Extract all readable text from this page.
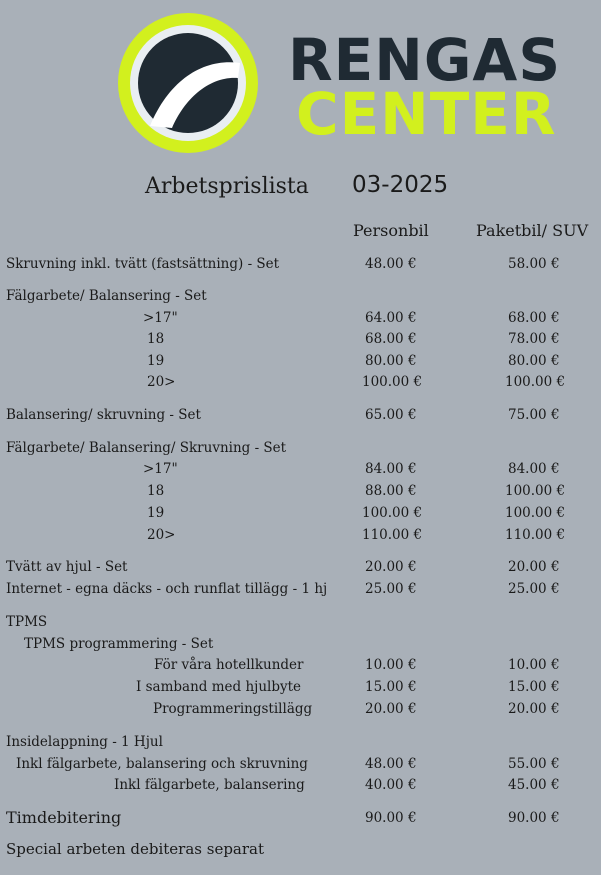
RENGAS
CENTER
Arbetsprislista 03-2025
Personbil	Paketbil/ SUV
Skruvning inkl. tvätt (fastsättning) - Set	48.00 €	58.00 €
Fälgarbete/ Balansering - Set
>17"	64.00 €	68.00 €
18	68.00 €	78.00 €
19	80.00 €	80.00 €
20>	100.00 €	100.00 €
Balansering/ skruvning - Set	65.00 €	75.00 €
Fälgarbete/ Balansering/ Skruvning - Set
>17"	84.00 €	84.00 €
18	88.00 €	100.00 €
19	100.00 €	100.00 €
20>	110.00 €	110.00 €
Tvätt av hjul - Set	20.00 €	20.00 €
Internet - egna däcks - och runflat tillägg - 1 hj	25.00 €	25.00 €
TPMS
TPMS programmering - Set
För våra hotellkunder	10.00 €	10.00 €
I samband med hjulbyte	15.00 €	15.00 €
Programmeringstillägg	20.00 €	20.00 €
Insidelappning - 1 Hjul
Inkl fälgarbete, balansering och skruvning	48.00 €	55.00 €
Inkl fälgarbete, balansering	40.00 €	45.00 €
Timdebitering	90.00 €	90.00 €
Special arbeten debiteras separat
